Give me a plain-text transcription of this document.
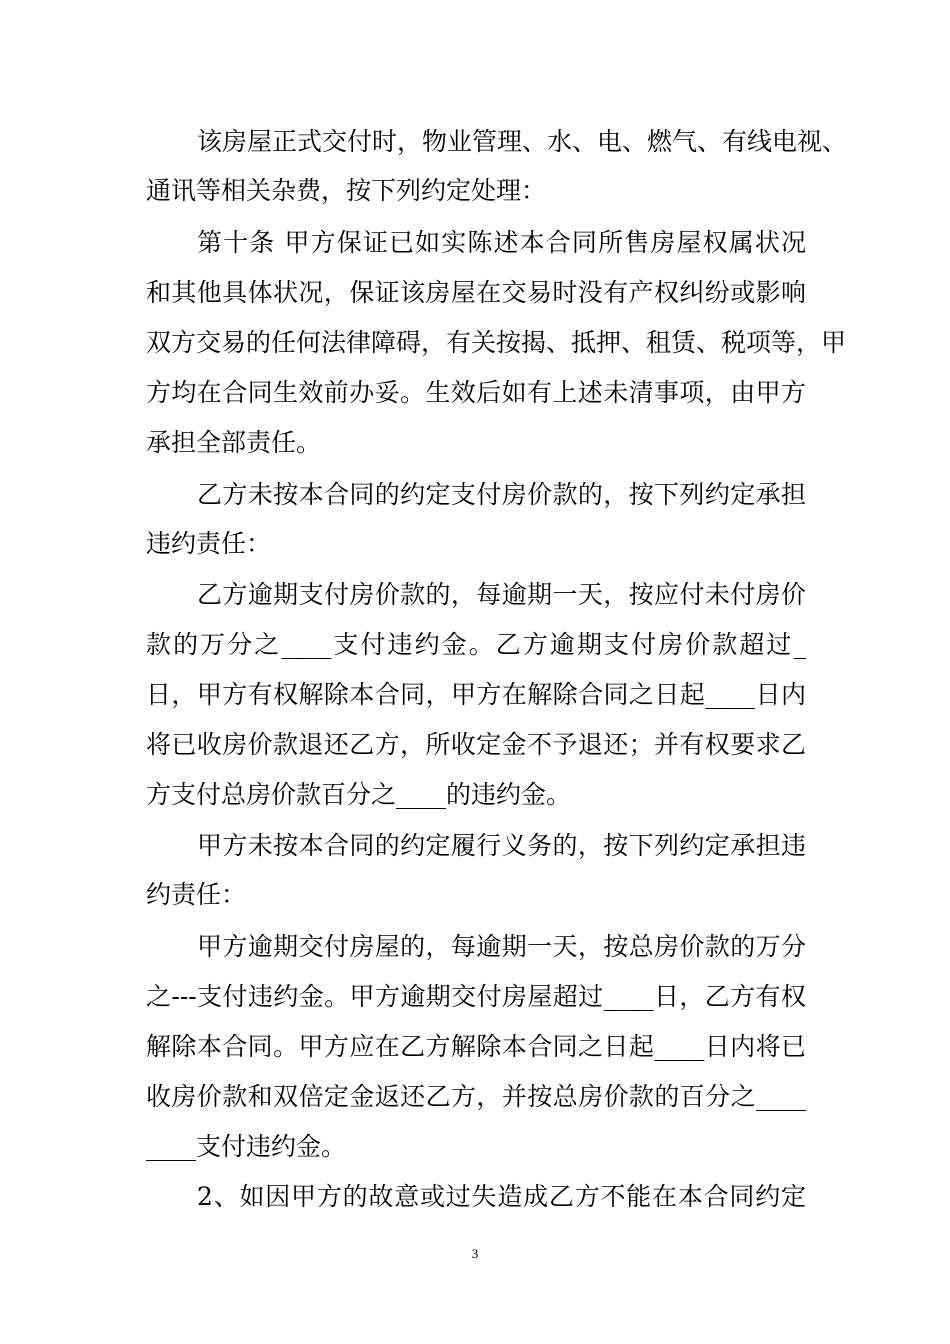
该房屋正式交付时，物业管理、水、电、燃气、有线电视、
通讯等相关杂费，按下列约定处理：
第十条 甲方保证已如实陈述本合同所售房屋权属状况
和其他具体状况，保证该房屋在交易时没有产权纠纷或影响
双方交易的任何法律障碍，有关按揭、抵押、租赁、税项等，甲
方均在合同生效前办妥。生效后如有上述未清事项，由甲方
承担全部责任。
乙方未按本合同的约定支付房价款的，按下列约定承担
违约责任：
乙方逾期支付房价款的，每逾期一天，按应付未付房价
款的万分之____支付违约金。乙方逾期支付房价款超过_
日，甲方有权解除本合同，甲方在解除合同之日起____日内
将已收房价款退还乙方，所收定金不予退还；并有权要求乙
方支付总房价款百分之____的违约金。
甲方未按本合同的约定履行义务的，按下列约定承担违
约责任：
甲方逾期交付房屋的，每逾期一天，按总房价款的万分
之---支付违约金。甲方逾期交付房屋超过____日，乙方有权
解除本合同。甲方应在乙方解除本合同之日起____日内将已
收房价款和双倍定金返还乙方，并按总房价款的百分之____
____支付违约金。
2、如因甲方的故意或过失造成乙方不能在本合同约定
3
